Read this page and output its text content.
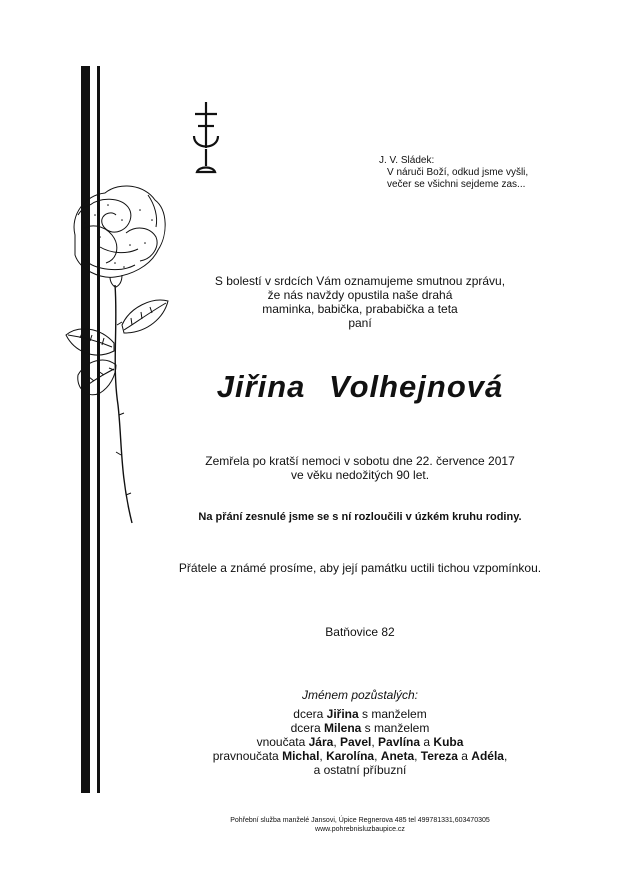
J. V. Sládek:
V náruči Boží, odkud jsme vyšli,
večer se všichni sejdeme zas...
S bolestí v srdcích Vám oznamujeme smutnou zprávu,
že nás navždy opustila naše drahá
maminka, babička, prababička a teta
paní
Jiřina Volhejnová
Zemřela po kratší nemoci v sobotu dne 22. července 2017
ve věku nedožitých 90 let.
Na přání zesnulé jsme se s ní rozloučili v úzkém kruhu rodiny.
Přátele a známé prosíme, aby její památku uctili tichou vzpomínkou.
Batňovice 82
Jménem pozůstalých:
dcera Jiřina s manželem
dcera Milena s manželem
vnoučata Jára, Pavel, Pavlína a Kuba
pravnoučata Michal, Karolína, Aneta, Tereza a Adéla,
a ostatní příbuzní
Pohřební služba manželé Jansovi, Úpice Regnerova 485 tel 499781331,603470305
www.pohrebnisluzbaupice.cz
